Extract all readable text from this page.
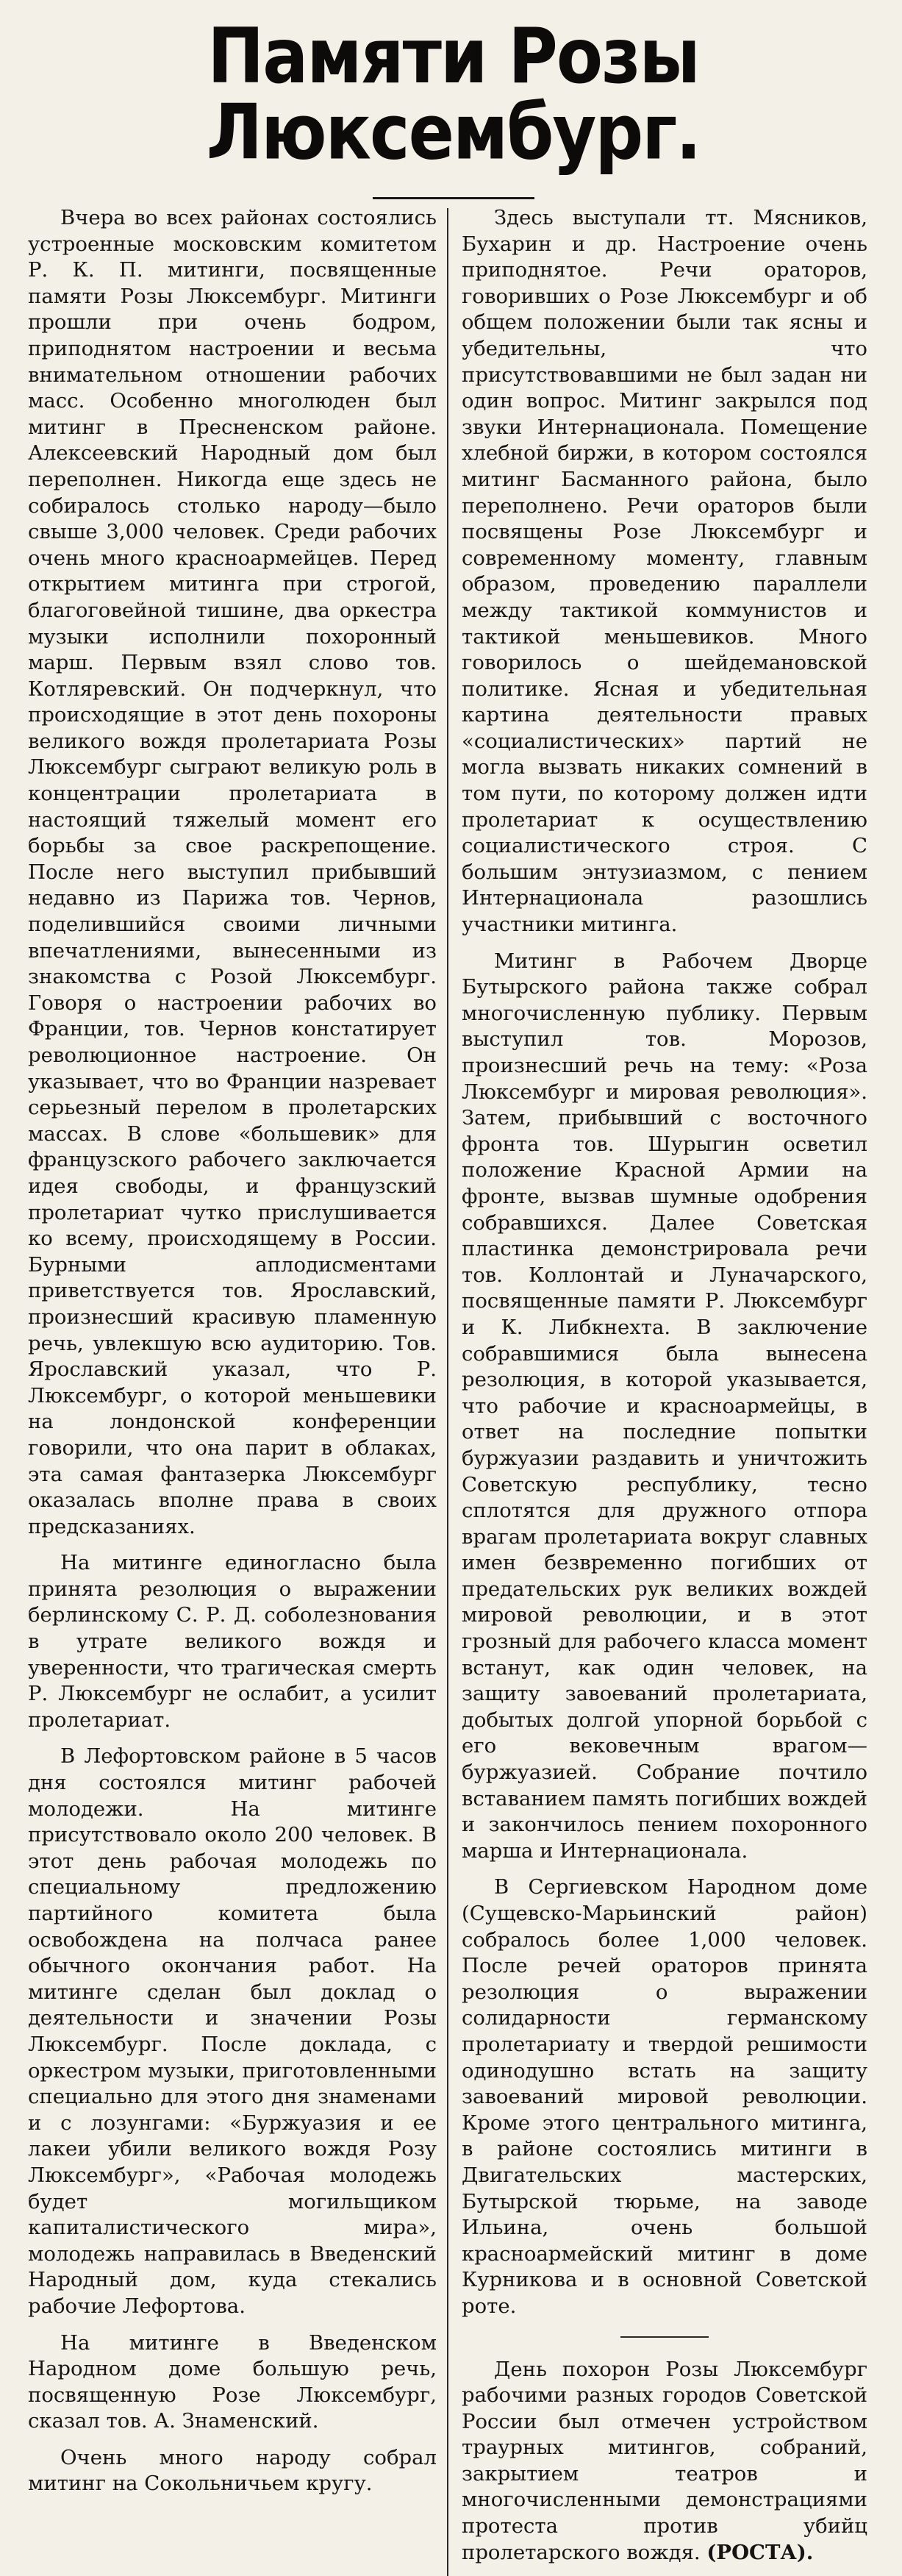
Памяти Розы Люксембург.

Вчера во всех районах состоялись устроенные московским комитетом Р. К. П. митинги, посвященные памяти Розы Люксембург. Митинги прошли при очень бодром, приподнятом настроении и весьма внимательном отношении рабочих масс. Особенно многолюден был митинг в Пресненском районе. Алексеевский Народный дом был переполнен. Никогда еще здесь не собиралось столько народу—было свыше 3,000 человек. Среди рабочих очень много красноармейцев. Перед открытием митинга при строгой, благоговейной тишине, два оркестра музыки исполнили похоронный марш. Первым взял слово тов. Котляревский. Он подчеркнул, что происходящие в этот день похороны великого вождя пролетариата Розы Люксембург сыграют великую роль в концентрации пролетариата в настоящий тяжелый момент его борьбы за свое раскрепощение. После него выступил прибывший недавно из Парижа тов. Чернов, поделившийся своими личными впечатлениями, вынесенными из знакомства с Розой Люксембург. Говоря о настроении рабочих во Франции, тов. Чернов констатирует революционное настроение. Он указывает, что во Франции назревает серьезный перелом в пролетарских массах. В слове «большевик» для французского рабочего заключается идея свободы, и французский пролетариат чутко прислушивается ко всему, происходящему в России. Бурными аплодисментами приветствуется тов. Ярославский, произнесший красивую пламенную речь, увлекшую всю аудиторию. Тов. Ярославский указал, что Р. Люксембург, о которой меньшевики на лондонской конференции говорили, что она парит в облаках, эта самая фантазерка Люксембург оказалась вполне права в своих предсказаниях.

На митинге единогласно была принята резолюция о выражении берлинскому С. Р. Д. соболезнования в утрате великого вождя и уверенности, что трагическая смерть Р. Люксембург не ослабит, а усилит пролетариат.

В Лефортовском районе в 5 часов дня состоялся митинг рабочей молодежи. На митинге присутствовало около 200 человек. В этот день рабочая молодежь по специальному предложению партийного комитета была освобождена на полчаса ранее обычного окончания работ. На митинге сделан был доклад о деятельности и значении Розы Люксембург. После доклада, с оркестром музыки, приготовленными специально для этого дня знаменами и с лозунгами: «Буржуазия и ее лакеи убили великого вождя Розу Люксембург», «Рабочая молодежь будет могильщиком капиталистического мира», молодежь направилась в Введенский Народный дом, куда стекались рабочие Лефортова.

На митинге в Введенском Народном доме большую речь, посвященную Розе Люксембург, сказал тов. А. Знаменский.

Очень много народу собрал митинг на Сокольничьем кругу.

Здесь выступали тт. Мясников, Бухарин и др. Настроение очень приподнятое. Речи ораторов, говоривших о Розе Люксембург и об общем положении были так ясны и убедительны, что присутствовавшими не был задан ни один вопрос. Митинг закрылся под звуки Интернационала. Помещение хлебной биржи, в котором состоялся митинг Басманного района, было переполнено. Речи ораторов были посвящены Розе Люксембург и современному моменту, главным образом, проведению параллели между тактикой коммунистов и тактикой меньшевиков. Много говорилось о шейдемановской политике. Ясная и убедительная картина деятельности правых «социалистических» партий не могла вызвать никаких сомнений в том пути, по которому должен идти пролетариат к осуществлению социалистического строя. С большим энтузиазмом, с пением Интернационала разошлись участники митинга.

Митинг в Рабочем Дворце Бутырского района также собрал многочисленную публику. Первым выступил тов. Морозов, произнесший речь на тему: «Роза Люксембург и мировая революция». Затем, прибывший с восточного фронта тов. Шурыгин осветил положение Красной Армии на фронте, вызвав шумные одобрения собравшихся. Далее Советская пластинка демонстрировала речи тов. Коллонтай и Луначарского, посвященные памяти Р. Люксембург и К. Либкнехта. В заключение собравшимися была вынесена резолюция, в которой указывается, что рабочие и красноармейцы, в ответ на последние попытки буржуазии раздавить и уничтожить Советскую республику, тесно сплотятся для дружного отпора врагам пролетариата вокруг славных имен безвременно погибших от предательских рук великих вождей мировой революции, и в этот грозный для рабочего класса момент встанут, как один человек, на защиту завоеваний пролетариата, добытых долгой упорной борьбой с его вековечным врагом—буржуазией. Собрание почтило вставанием память погибших вождей и закончилось пением похоронного марша и Интернационала.

В Сергиевском Народном доме (Сущевско-Марьинский район) собралось более 1,000 человек. После речей ораторов принята резолюция о выражении солидарности германскому пролетариату и твердой решимости одинодушно встать на защиту завоеваний мировой революции. Кроме этого центрального митинга, в районе состоялись митинги в Двигательских мастерских, Бутырской тюрьме, на заводе Ильина, очень большой красноармейский митинг в доме Курникова и в основной Советской роте.

День похорон Розы Люксембург рабочими разных городов Советской России был отмечен устройством траурных митингов, собраний, закрытием театров и многочисленными демонстрациями протеста против убийц пролетарского вождя. (РОСТА).
